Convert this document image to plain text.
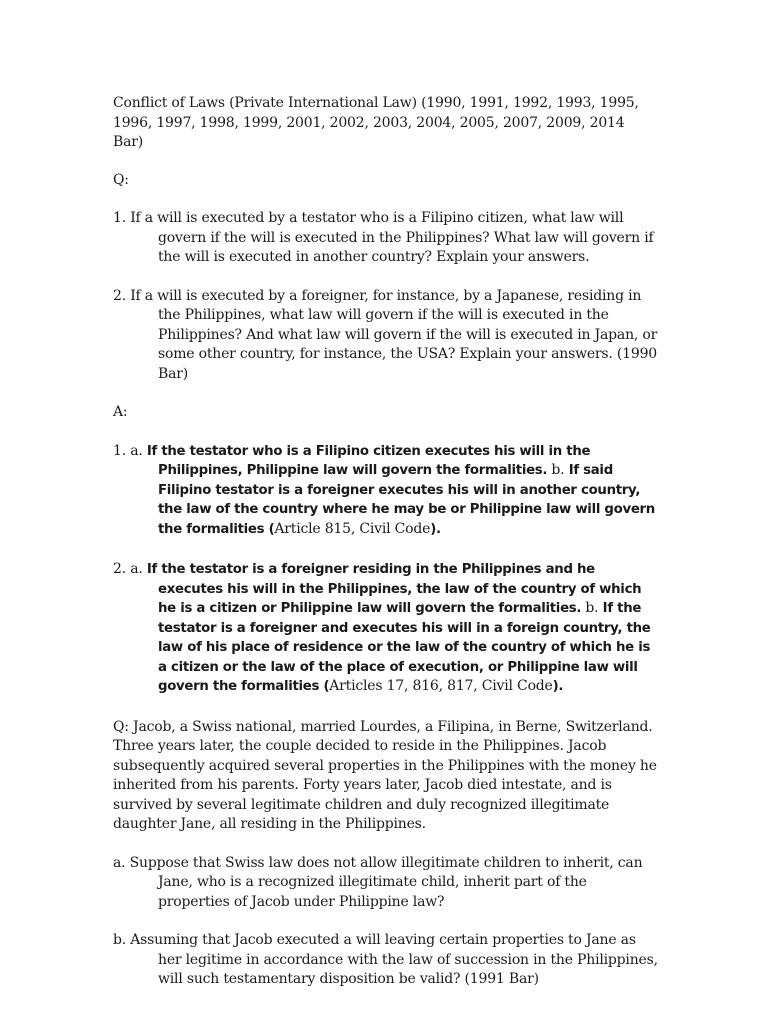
Conflict of Laws (Private International Law) (1990, 1991, 1992, 1993, 1995, 1996, 1997, 1998, 1999, 2001, 2002, 2003, 2004, 2005, 2007, 2009, 2014 Bar)

Q:

1. If a will is executed by a testator who is a Filipino citizen, what law will govern if the will is executed in the Philippines? What law will govern if the will is executed in another country? Explain your answers.

2. If a will is executed by a foreigner, for instance, by a Japanese, residing in the Philippines, what law will govern if the will is executed in the Philippines? And what law will govern if the will is executed in Japan, or some other country, for instance, the USA? Explain your answers. (1990 Bar)

A:

1. a. If the testator who is a Filipino citizen executes his will in the Philippines, Philippine law will govern the formalities. b. If said Filipino testator is a foreigner executes his will in another country, the law of the country where he may be or Philippine law will govern the formalities (Article 815, Civil Code).

2. a. If the testator is a foreigner residing in the Philippines and he executes his will in the Philippines, the law of the country of which he is a citizen or Philippine law will govern the formalities. b. If the testator is a foreigner and executes his will in a foreign country, the law of his place of residence or the law of the country of which he is a citizen or the law of the place of execution, or Philippine law will govern the formalities (Articles 17, 816, 817, Civil Code).

Q: Jacob, a Swiss national, married Lourdes, a Filipina, in Berne, Switzerland. Three years later, the couple decided to reside in the Philippines. Jacob subsequently acquired several properties in the Philippines with the money he inherited from his parents. Forty years later, Jacob died intestate, and is survived by several legitimate children and duly recognized illegitimate daughter Jane, all residing in the Philippines.

a. Suppose that Swiss law does not allow illegitimate children to inherit, can Jane, who is a recognized illegitimate child, inherit part of the properties of Jacob under Philippine law?

b. Assuming that Jacob executed a will leaving certain properties to Jane as her legitime in accordance with the law of succession in the Philippines, will such testamentary disposition be valid? (1991 Bar)
